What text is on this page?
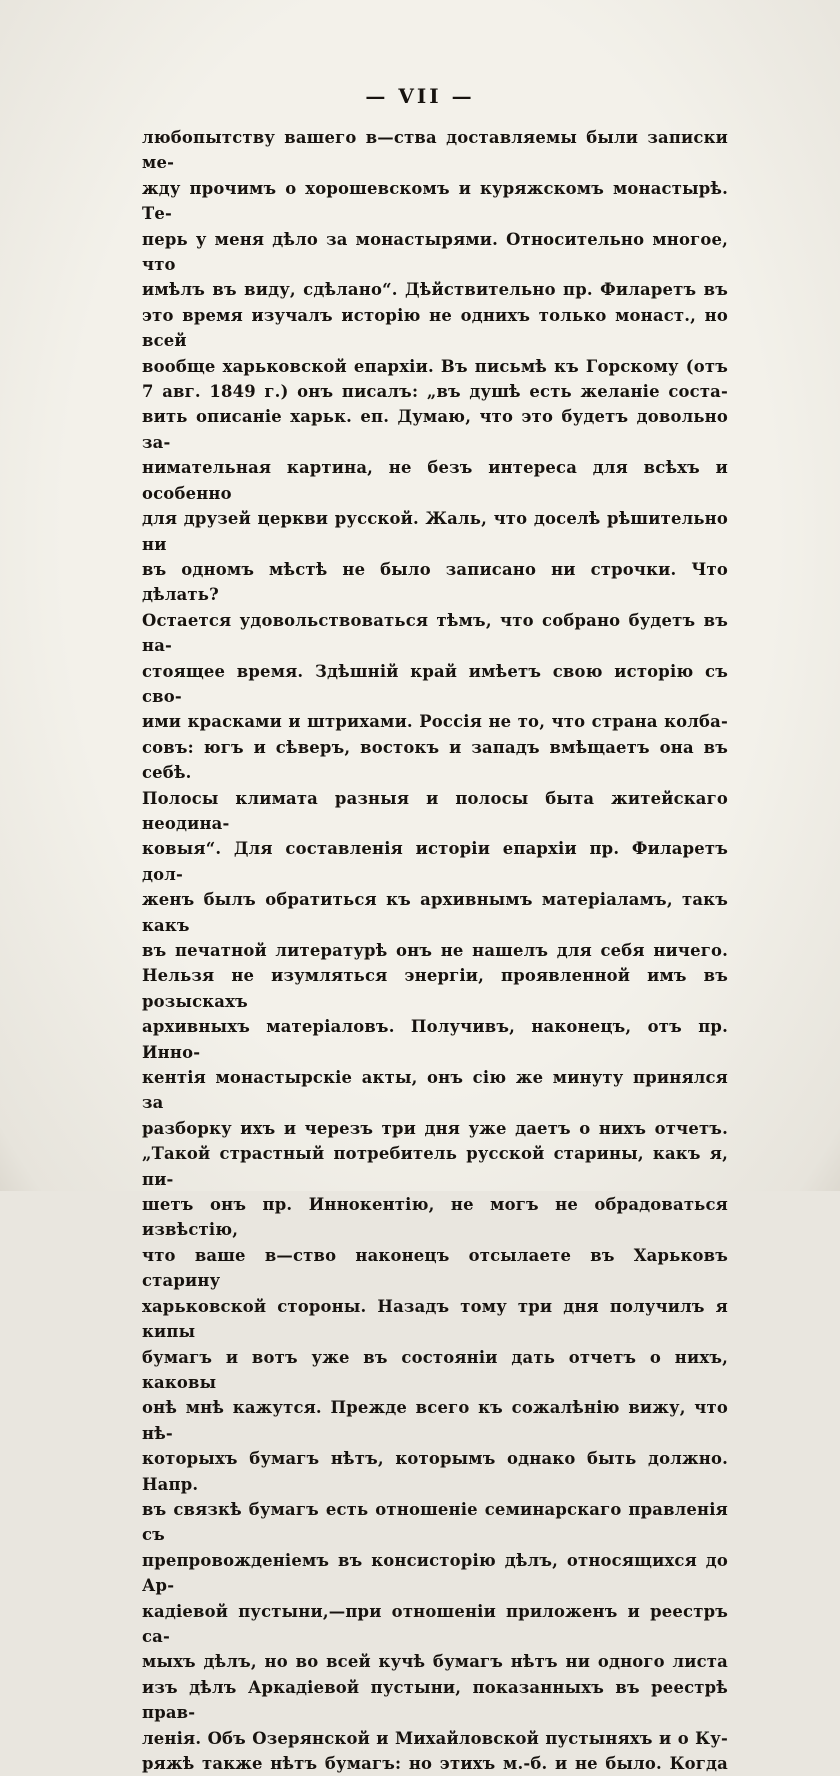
— VII —
любопытству вашего в—ства доставляемы были записки ме-
жду прочимъ о хорошевскомъ и куряжскомъ монастырѣ. Те-
перь у меня дѣло за монастырями. Относительно многое, что
имѣлъ въ виду, сдѣлано“. Дѣйствительно пр. Филаретъ въ
это время изучалъ исторію не однихъ только монаст., но всей
вообще харьковской епархіи. Въ письмѣ къ Горскому (отъ
7 авг. 1849 г.) онъ писалъ: „въ душѣ есть желаніе соста-
вить описаніе харьк. еп. Думаю, что это будетъ довольно за-
нимательная картина, не безъ интереса для всѣхъ и особенно
для друзей церкви русской. Жаль, что доселѣ рѣшительно ни
въ одномъ мѣстѣ не было записано ни строчки. Что дѣлать?
Остается удовольствоваться тѣмъ, что собрано будетъ въ на-
стоящее время. Здѣшній край имѣетъ свою исторію съ сво-
ими красками и штрихами. Россія не то, что страна колба-
совъ: югъ и сѣверъ, востокъ и западъ вмѣщаетъ она въ себѣ.
Полосы климата разныя и полосы быта житейскаго неодина-
ковыя“. Для составленія исторіи епархіи пр. Филаретъ дол-
женъ былъ обратиться къ архивнымъ матеріаламъ, такъ какъ
въ печатной литературѣ онъ не нашелъ для себя ничего.
Нельзя не изумляться энергіи, проявленной имъ въ розыскахъ
архивныхъ матеріаловъ. Получивъ, наконецъ, отъ пр. Инно-
кентія монастырскіе акты, онъ сію же минуту принялся за
разборку ихъ и черезъ три дня уже даетъ о нихъ отчетъ.
„Такой страстный потребитель русской старины, какъ я, пи-
шетъ онъ пр. Иннокентію, не могъ не обрадоваться извѣстію,
что ваше в—ство наконецъ отсылаете въ Харьковъ старину
харьковской стороны. Назадъ тому три дня получилъ я кипы
бумагъ и вотъ уже въ состояніи дать отчетъ о нихъ, каковы
онѣ мнѣ кажутся. Прежде всего къ сожалѣнію вижу, что нѣ-
которыхъ бумагъ нѣтъ, которымъ однако быть должно. Напр.
въ связкѣ бумагъ есть отношеніе семинарскаго правленія съ
препровожденіемъ въ консисторію дѣлъ, относящихся до Ар-
кадіевой пустыни,—при отношеніи приложенъ и реестръ са-
мыхъ дѣлъ, но во всей кучѣ бумагъ нѣтъ ни одного листа
изъ дѣлъ Аркадіевой пустыни, показанныхъ въ реестрѣ прав-
ленія. Объ Озерянской и Михайловской пустыняхъ и о Ку-
ряжѣ также нѣтъ бумагъ: но этихъ м.-б. и не было. Когда
